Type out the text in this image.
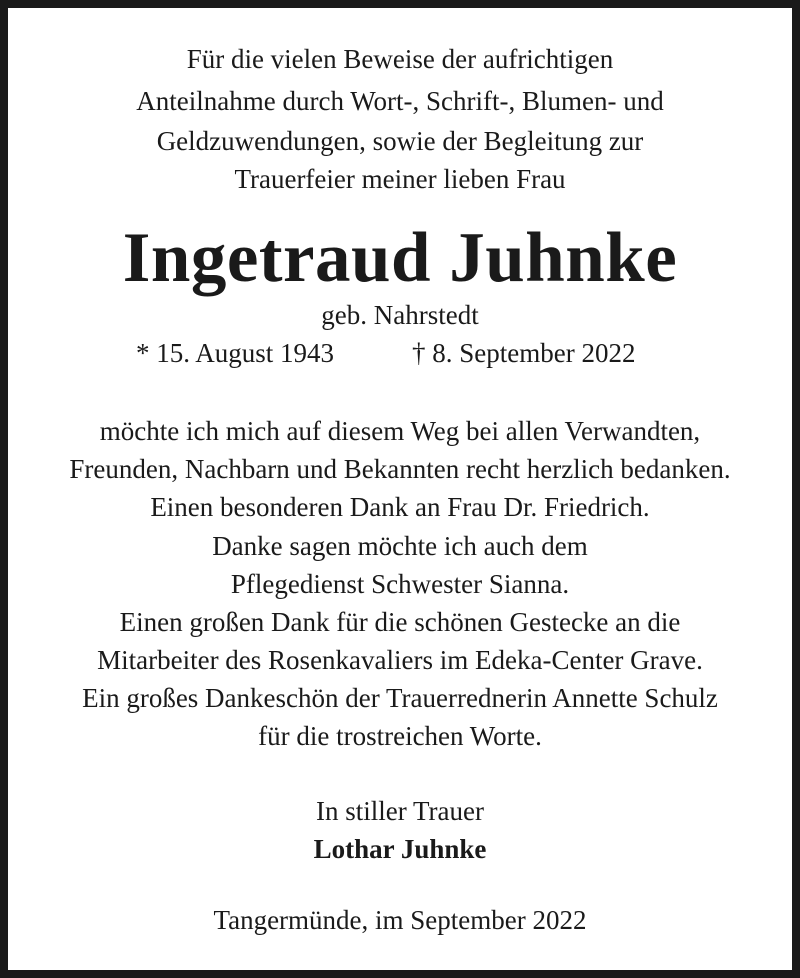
Für die vielen Beweise der aufrichtigen
Anteilnahme durch Wort-, Schrift-, Blumen- und
Geldzuwendungen, sowie der Begleitung zur
Trauerfeier meiner lieben Frau
Ingetraud Juhnke
geb. Nahrstedt
* 15. August 1943	† 8. September 2022
möchte ich mich auf diesem Weg bei allen Verwandten,
Freunden, Nachbarn und Bekannten recht herzlich bedanken.
Einen besonderen Dank an Frau Dr. Friedrich.
Danke sagen möchte ich auch dem
Pflegedienst Schwester Sianna.
Einen großen Dank für die schönen Gestecke an die
Mitarbeiter des Rosenkavaliers im Edeka-Center Grave.
Ein großes Dankeschön der Trauerrednerin Annette Schulz
für die trostreichen Worte.
In stiller Trauer
Lothar Juhnke
Tangermünde, im September 2022
